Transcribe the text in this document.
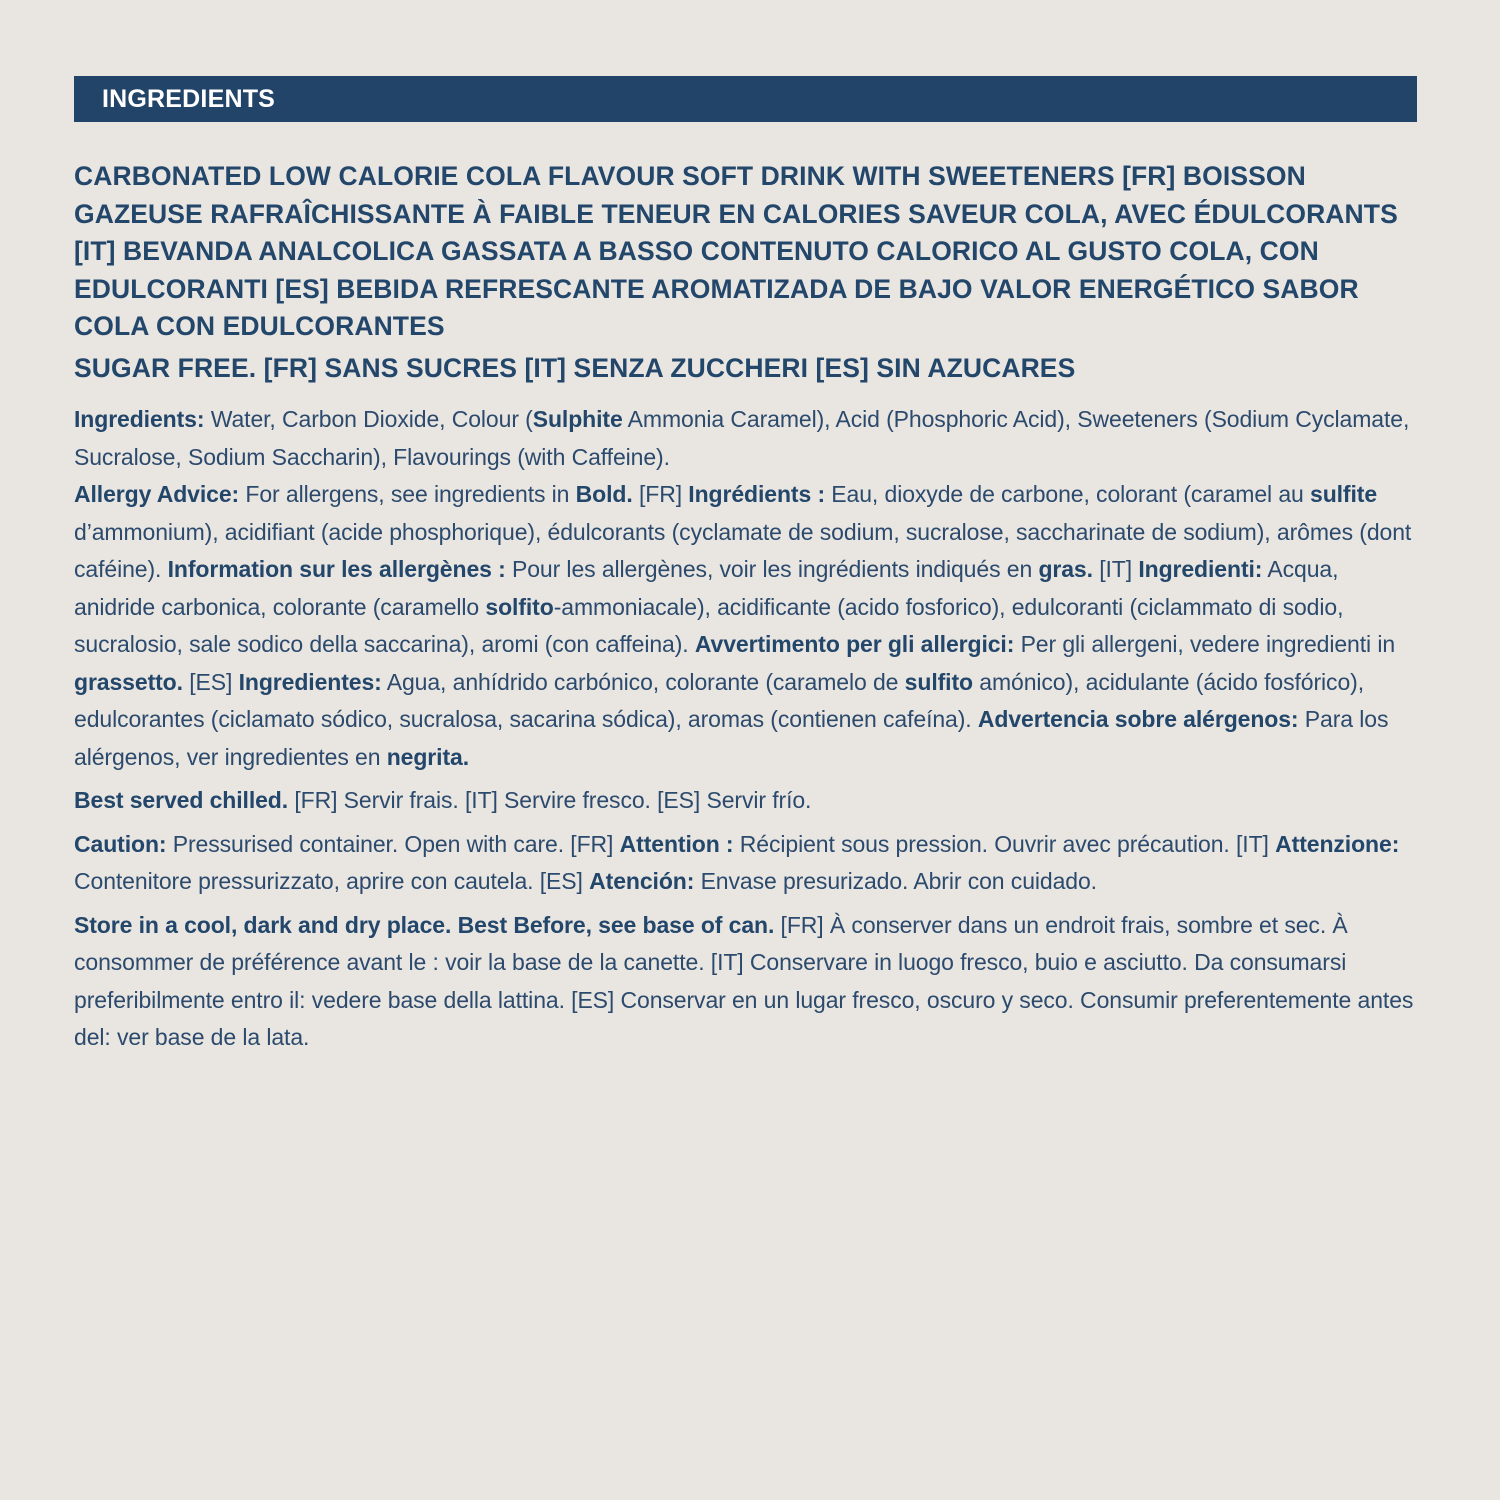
INGREDIENTS
CARBONATED LOW CALORIE COLA FLAVOUR SOFT DRINK WITH SWEETENERS [FR] BOISSON GAZEUSE RAFRAÎCHISSANTE À FAIBLE TENEUR EN CALORIES SAVEUR COLA, AVEC ÉDULCORANTS [IT] BEVANDA ANALCOLICA GASSATA A BASSO CONTENUTO CALORICO AL GUSTO COLA, CON EDULCORANTI [ES] BEBIDA REFRESCANTE AROMATIZADA DE BAJO VALOR ENERGÉTICO SABOR COLA CON EDULCORANTES
SUGAR FREE. [FR] SANS SUCRES [IT] SENZA ZUCCHERI [ES] SIN AZUCARES
Ingredients: Water, Carbon Dioxide, Colour (Sulphite Ammonia Caramel), Acid (Phosphoric Acid), Sweeteners (Sodium Cyclamate, Sucralose, Sodium Saccharin), Flavourings (with Caffeine).
Allergy Advice: For allergens, see ingredients in Bold. [FR] Ingrédients : Eau, dioxyde de carbone, colorant (caramel au sulfite d’ammonium), acidifiant (acide phosphorique), édulcorants (cyclamate de sodium, sucralose, saccharinate de sodium), arômes (dont caféine). Information sur les allergènes : Pour les allergènes, voir les ingrédients indiqués en gras. [IT] Ingredienti: Acqua, anidride carbonica, colorante (caramello solfito-ammoniacale), acidificante (acido fosforico), edulcoranti (ciclammato di sodio, sucralosio, sale sodico della saccarina), aromi (con caffeina). Avvertimento per gli allergici: Per gli allergeni, vedere ingredienti in grassetto. [ES] Ingredientes: Agua, anhídrido carbónico, colorante (caramelo de sulfito amónico), acidulante (ácido fosfórico), edulcorantes (ciclamato sódico, sucralosa, sacarina sódica), aromas (contienen cafeína). Advertencia sobre alérgenos: Para los alérgenos, ver ingredientes en negrita.
Best served chilled. [FR] Servir frais. [IT] Servire fresco. [ES] Servir frío.
Caution: Pressurised container. Open with care. [FR] Attention : Récipient sous pression. Ouvrir avec précaution. [IT] Attenzione: Contenitore pressurizzato, aprire con cautela. [ES] Atención: Envase presurizado. Abrir con cuidado.
Store in a cool, dark and dry place. Best Before, see base of can. [FR] À conserver dans un endroit frais, sombre et sec. À consommer de préférence avant le : voir la base de la canette. [IT] Conservare in luogo fresco, buio e asciutto. Da consumarsi preferibilmente entro il: vedere base della lattina. [ES] Conservar en un lugar fresco, oscuro y seco. Consumir preferentemente antes del: ver base de la lata.
